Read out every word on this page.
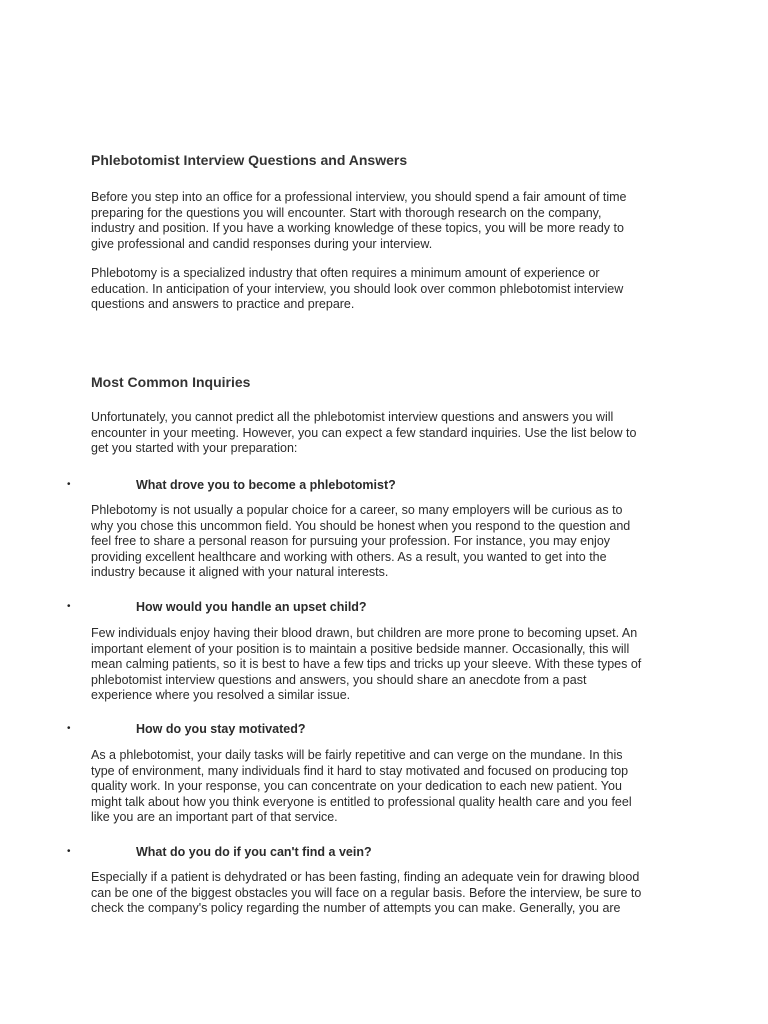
Phlebotomist Interview Questions and Answers
Before you step into an office for a professional interview, you should spend a fair amount of time
preparing for the questions you will encounter. Start with thorough research on the company,
industry and position. If you have a working knowledge of these topics, you will be more ready to
give professional and candid responses during your interview.
Phlebotomy is a specialized industry that often requires a minimum amount of experience or
education. In anticipation of your interview, you should look over common phlebotomist interview
questions and answers to practice and prepare.
Most Common Inquiries
Unfortunately, you cannot predict all the phlebotomist interview questions and answers you will
encounter in your meeting. However, you can expect a few standard inquiries. Use the list below to
get you started with your preparation:
•	What drove you to become a phlebotomist?
Phlebotomy is not usually a popular choice for a career, so many employers will be curious as to
why you chose this uncommon field. You should be honest when you respond to the question and
feel free to share a personal reason for pursuing your profession. For instance, you may enjoy
providing excellent healthcare and working with others. As a result, you wanted to get into the
industry because it aligned with your natural interests.
•	How would you handle an upset child?
Few individuals enjoy having their blood drawn, but children are more prone to becoming upset. An
important element of your position is to maintain a positive bedside manner. Occasionally, this will
mean calming patients, so it is best to have a few tips and tricks up your sleeve. With these types of
phlebotomist interview questions and answers, you should share an anecdote from a past
experience where you resolved a similar issue.
•	How do you stay motivated?
As a phlebotomist, your daily tasks will be fairly repetitive and can verge on the mundane. In this
type of environment, many individuals find it hard to stay motivated and focused on producing top
quality work. In your response, you can concentrate on your dedication to each new patient. You
might talk about how you think everyone is entitled to professional quality health care and you feel
like you are an important part of that service.
•	What do you do if you can't find a vein?
Especially if a patient is dehydrated or has been fasting, finding an adequate vein for drawing blood
can be one of the biggest obstacles you will face on a regular basis. Before the interview, be sure to
check the company's policy regarding the number of attempts you can make. Generally, you are
